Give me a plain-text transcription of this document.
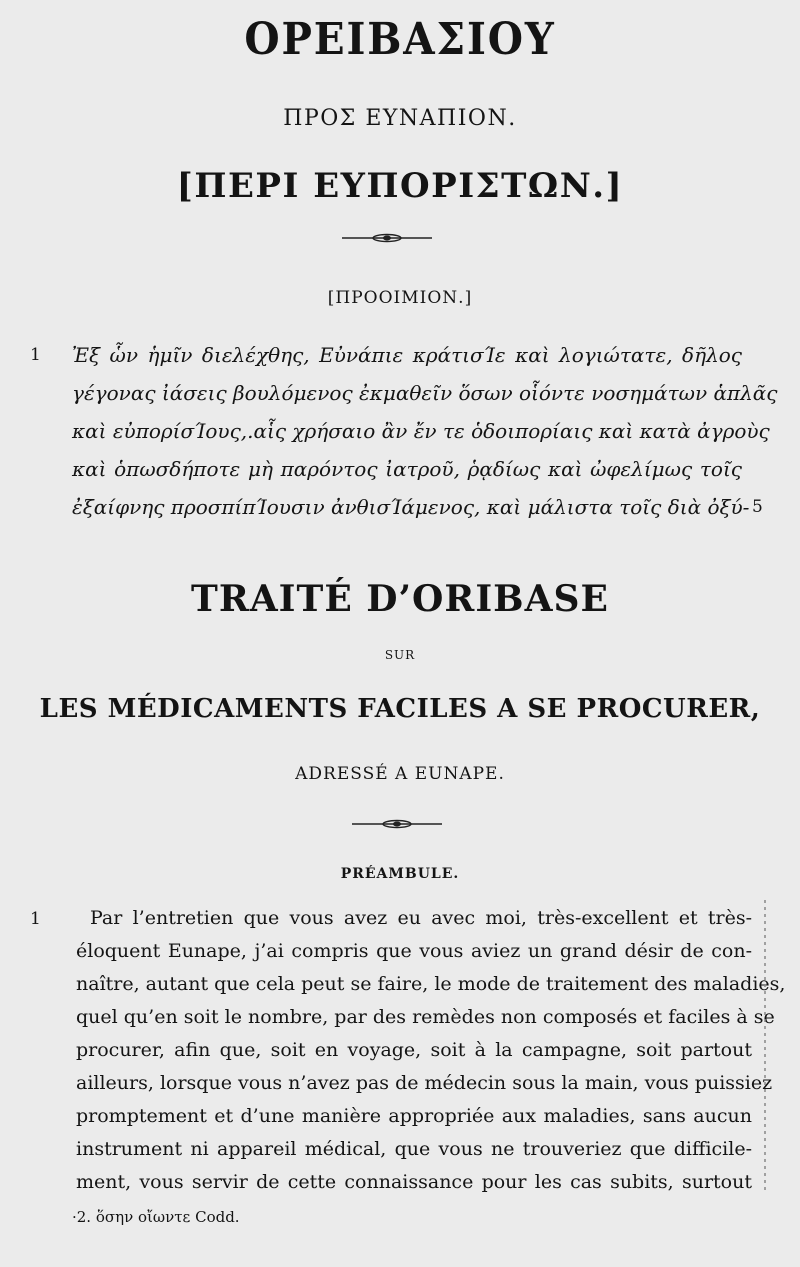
ΟΡΕΙΒΑΣΙΟΥ
ΠΡΟΣ ΕΥΝΑΠΙΟΝ.
[ΠΕΡΙ ΕΥΠΟΡΙΣΤΩΝ.]
[ΠΡΟΟΙΜΙΟΝ.]
1 Ἐξ ὧν ἡμῖν διελέχθης, Εὐνάπιε κράτισΊε καὶ λογιώτατε, δῆλος
γέγονας ἰάσεις βουλόμενος ἐκμαθεῖν ὅσων οἷόντε νοσημάτων ἁπλᾶς
καὶ εὐπορίσΊους,.αἷς χρήσαιο ἂν ἔν τε ὁδοιπορίαις καὶ κατὰ ἀγροὺς
καὶ ὁπωσδήποτε μὴ παρόντος ἰατροῦ, ῥᾳδίως καὶ ὠφελίμως τοῖς
ἐξαίφνης προσπίπΊουσιν ἀνθισΊάμενος, καὶ μάλιστα τοῖς διὰ ὀξύ- 5
TRAITÉ D’ORIBASE
SUR
LES MÉDICAMENTS FACILES A SE PROCURER,
ADRESSÉ A EUNAPE.
PRÉAMBULE.
1	Par l’entretien que vous avez eu avec moi, très-excellent et très-
éloquent Eunape, j’ai compris que vous aviez un grand désir de con-
naître, autant que cela peut se faire, le mode de traitement des maladies,
quel qu’en soit le nombre, par des remèdes non composés et faciles à se
procurer, afin que, soit en voyage, soit à la campagne, soit partout
ailleurs, lorsque vous n’avez pas de médecin sous la main, vous puissiez
promptement et d’une manière appropriée aux maladies, sans aucun
instrument ni appareil médical, que vous ne trouveriez que difficile-
ment, vous servir de cette connaissance pour les cas subits, surtout
·2. ὅσην οἴωντε Codd.
